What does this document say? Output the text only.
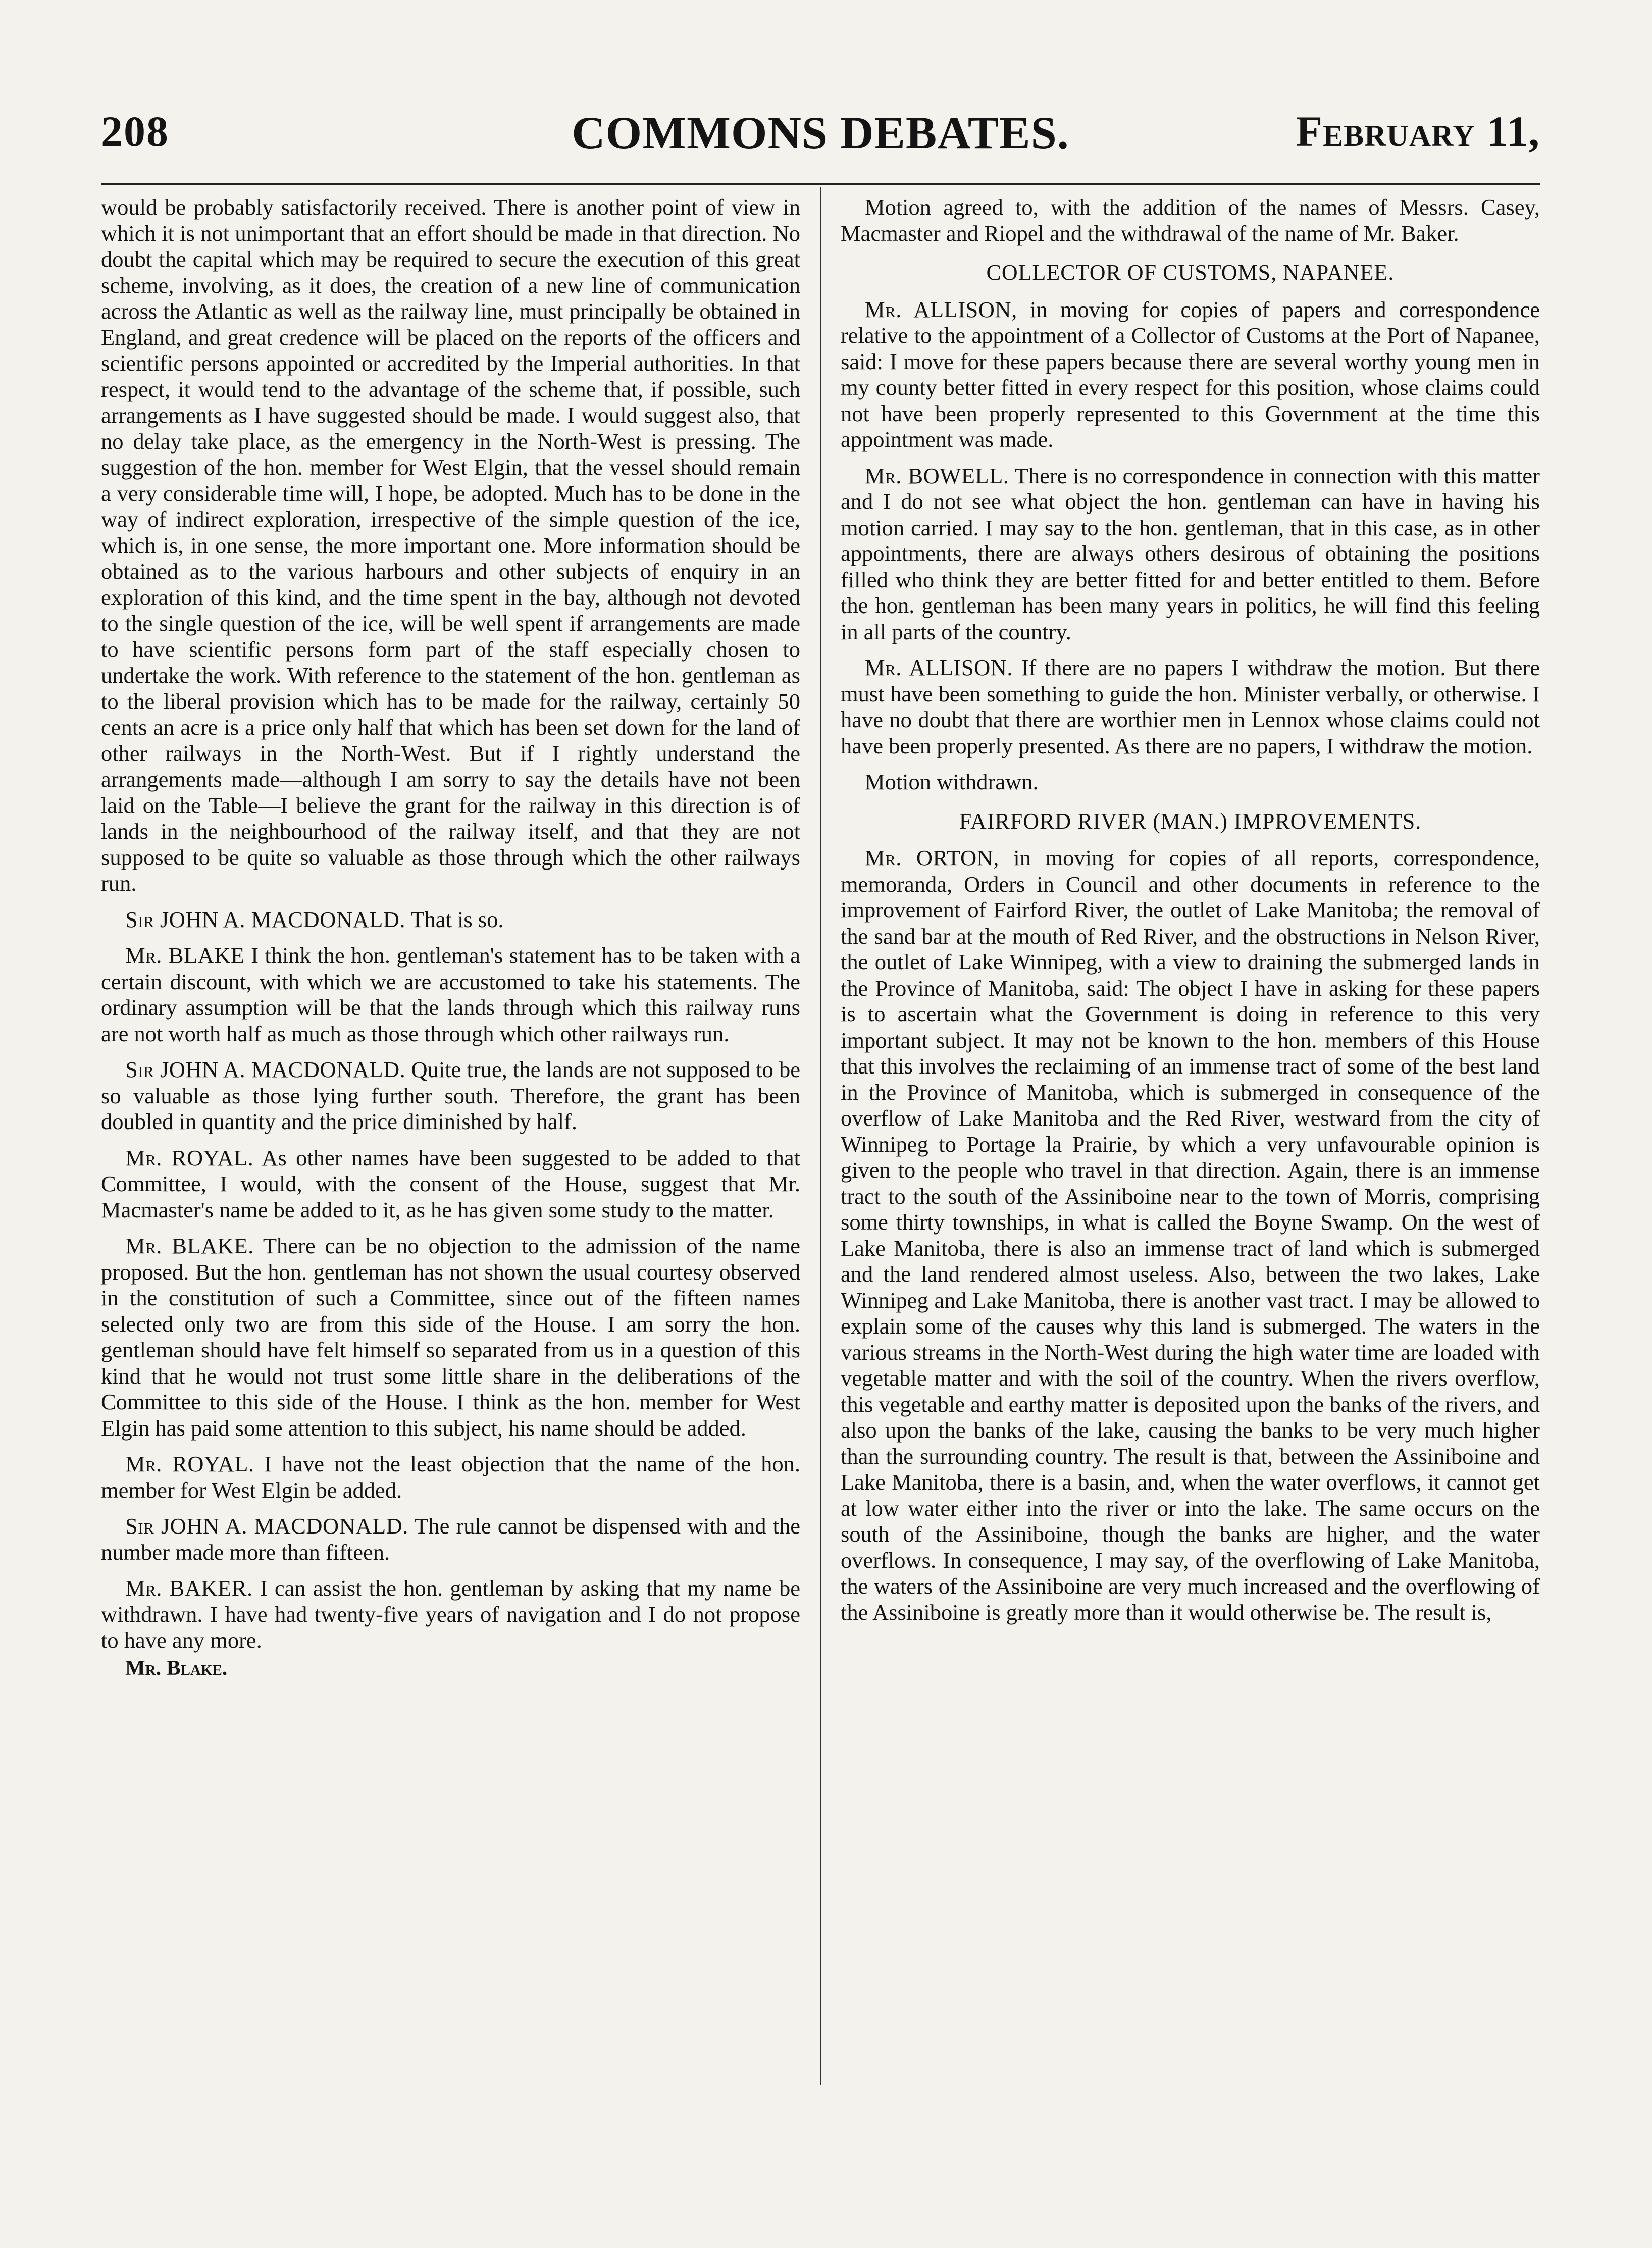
208	COMMONS DEBATES.	February 11,

would be probably satisfactorily received. There is another point of view in which it is not unimportant that an effort should be made in that direction. No doubt the capital which may be required to secure the execution of this great scheme, involving, as it does, the creation of a new line of communication across the Atlantic as well as the railway line, must principally be obtained in England, and great credence will be placed on the reports of the officers and scientific persons appointed or accredited by the Imperial authorities. In that respect, it would tend to the advantage of the scheme that, if possible, such arrangements as I have suggested should be made. I would suggest also, that no delay take place, as the emergency in the North-West is pressing. The suggestion of the hon. member for West Elgin, that the vessel should remain a very considerable time will, I hope, be adopted. Much has to be done in the way of indirect exploration, irrespective of the simple question of the ice, which is, in one sense, the more important one. More information should be obtained as to the various harbours and other subjects of enquiry in an exploration of this kind, and the time spent in the bay, although not devoted to the single question of the ice, will be well spent if arrangements are made to have scientific persons form part of the staff especially chosen to undertake the work. With reference to the statement of the hon. gentleman as to the liberal provision which has to be made for the railway, certainly 50 cents an acre is a price only half that which has been set down for the land of other railways in the North-West. But if I rightly understand the arrangements made—although I am sorry to say the details have not been laid on the Table—I believe the grant for the railway in this direction is of lands in the neighbourhood of the railway itself, and that they are not supposed to be quite so valuable as those through which the other railways run.

Sir JOHN A. MACDONALD. That is so.

Mr. BLAKE I think the hon. gentleman's statement has to be taken with a certain discount, with which we are accustomed to take his statements. The ordinary assumption will be that the lands through which this railway runs are not worth half as much as those through which other railways run.

Sir JOHN A. MACDONALD. Quite true, the lands are not supposed to be so valuable as those lying further south. Therefore, the grant has been doubled in quantity and the price diminished by half.

Mr. ROYAL. As other names have been suggested to be added to that Committee, I would, with the consent of the House, suggest that Mr. Macmaster's name be added to it, as he has given some study to the matter.

Mr. BLAKE. There can be no objection to the admission of the name proposed. But the hon. gentleman has not shown the usual courtesy observed in the constitution of such a Committee, since out of the fifteen names selected only two are from this side of the House. I am sorry the hon. gentleman should have felt himself so separated from us in a question of this kind that he would not trust some little share in the deliberations of the Committee to this side of the House. I think as the hon. member for West Elgin has paid some attention to this subject, his name should be added.

Mr. ROYAL. I have not the least objection that the name of the hon. member for West Elgin be added.

Sir JOHN A. MACDONALD. The rule cannot be dispensed with and the number made more than fifteen.

Mr. BAKER. I can assist the hon. gentleman by asking that my name be withdrawn. I have had twenty-five years of navigation and I do not propose to have any more.

Mr. Blake.

Motion agreed to, with the addition of the names of Messrs. Casey, Macmaster and Riopel and the withdrawal of the name of Mr. Baker.

COLLECTOR OF CUSTOMS, NAPANEE.

Mr. ALLISON, in moving for copies of papers and correspondence relative to the appointment of a Collector of Customs at the Port of Napanee, said: I move for these papers because there are several worthy young men in my county better fitted in every respect for this position, whose claims could not have been properly represented to this Government at the time this appointment was made.

Mr. BOWELL. There is no correspondence in connection with this matter and I do not see what object the hon. gentleman can have in having his motion carried. I may say to the hon. gentleman, that in this case, as in other appointments, there are always others desirous of obtaining the positions filled who think they are better fitted for and better entitled to them. Before the hon. gentleman has been many years in politics, he will find this feeling in all parts of the country.

Mr. ALLISON. If there are no papers I withdraw the motion. But there must have been something to guide the hon. Minister verbally, or otherwise. I have no doubt that there are worthier men in Lennox whose claims could not have been properly presented. As there are no papers, I withdraw the motion.

Motion withdrawn.

FAIRFORD RIVER (MAN.) IMPROVEMENTS.

Mr. ORTON, in moving for copies of all reports, correspondence, memoranda, Orders in Council and other documents in reference to the improvement of Fairford River, the outlet of Lake Manitoba; the removal of the sand bar at the mouth of Red River, and the obstructions in Nelson River, the outlet of Lake Winnipeg, with a view to draining the submerged lands in the Province of Manitoba, said: The object I have in asking for these papers is to ascertain what the Government is doing in reference to this very important subject. It may not be known to the hon. members of this House that this involves the reclaiming of an immense tract of some of the best land in the Province of Manitoba, which is submerged in consequence of the overflow of Lake Manitoba and the Red River, westward from the city of Winnipeg to Portage la Prairie, by which a very unfavourable opinion is given to the people who travel in that direction. Again, there is an immense tract to the south of the Assiniboine near to the town of Morris, comprising some thirty townships, in what is called the Boyne Swamp. On the west of Lake Manitoba, there is also an immense tract of land which is submerged and the land rendered almost useless. Also, between the two lakes, Lake Winnipeg and Lake Manitoba, there is another vast tract. I may be allowed to explain some of the causes why this land is submerged. The waters in the various streams in the North-West during the high water time are loaded with vegetable matter and with the soil of the country. When the rivers overflow, this vegetable and earthy matter is deposited upon the banks of the rivers, and also upon the banks of the lake, causing the banks to be very much higher than the surrounding country. The result is that, between the Assiniboine and Lake Manitoba, there is a basin, and, when the water overflows, it cannot get at low water either into the river or into the lake. The same occurs on the south of the Assiniboine, though the banks are higher, and the water overflows. In consequence, I may say, of the overflowing of Lake Manitoba, the waters of the Assiniboine are very much increased and the overflowing of the Assiniboine is greatly more than it would otherwise be. The result is,
